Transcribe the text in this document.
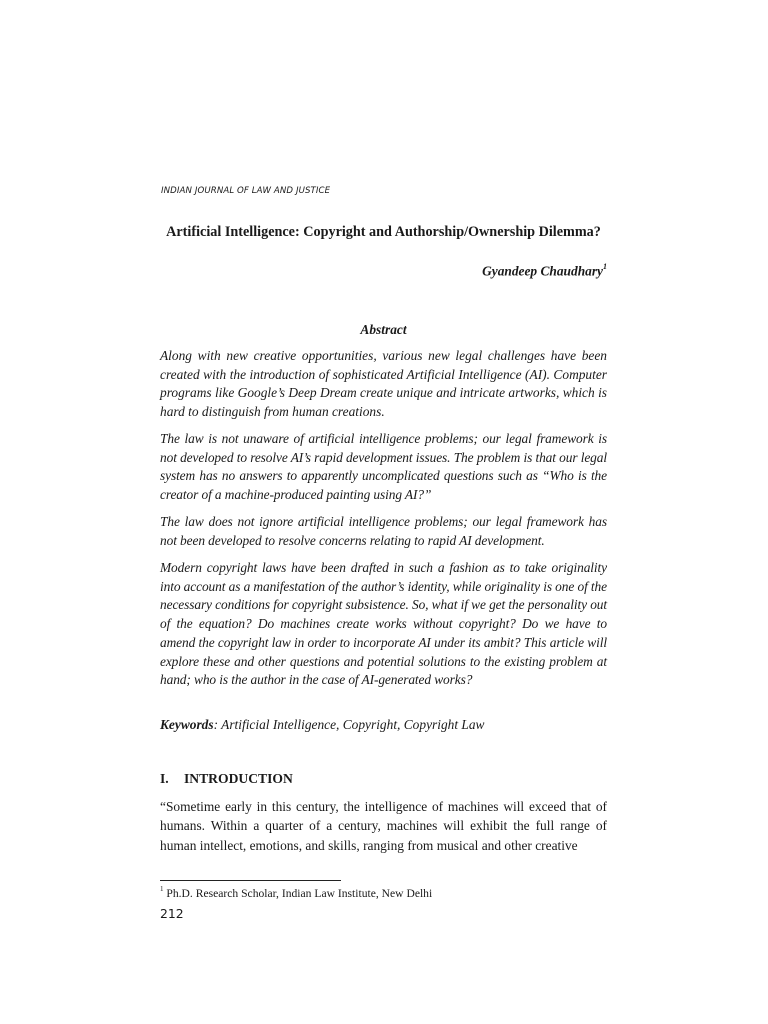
INDIAN JOURNAL OF LAW AND JUSTICE
Artificial Intelligence: Copyright and Authorship/Ownership Dilemma?
Gyandeep Chaudhary$^1$
Abstract

Along with new creative opportunities, various new legal challenges have been created with the introduction of sophisticated Artificial Intelligence (AI). Computer programs like Google’s Deep Dream create unique and intricate artworks, which is hard to distinguish from human creations.

The law is not unaware of artificial intelligence problems; our legal framework is not developed to resolve AI’s rapid development issues. The problem is that our legal system has no answers to apparently uncomplicated questions such as “Who is the creator of a machine-produced painting using AI?”

The law does not ignore artificial intelligence problems; our legal framework has not been developed to resolve concerns relating to rapid AI development.

Modern copyright laws have been drafted in such a fashion as to take originality into account as a manifestation of the author’s identity, while originality is one of the necessary conditions for copyright subsistence. So, what if we get the personality out of the equation? Do machines create works without copyright? Do we have to amend the copyright law in order to incorporate AI under its ambit? This article will explore these and other questions and potential solutions to the existing problem at hand; who is the author in the case of AI-generated works?

Keywords: Artificial Intelligence, Copyright, Copyright Law
I. INTRODUCTION

“Sometime early in this century, the intelligence of machines will exceed that of humans. Within a quarter of a century, machines will exhibit the full range of human intellect, emotions, and skills, ranging from musical and other creative

$^1$ Ph.D. Research Scholar, Indian Law Institute, New Delhi
212
